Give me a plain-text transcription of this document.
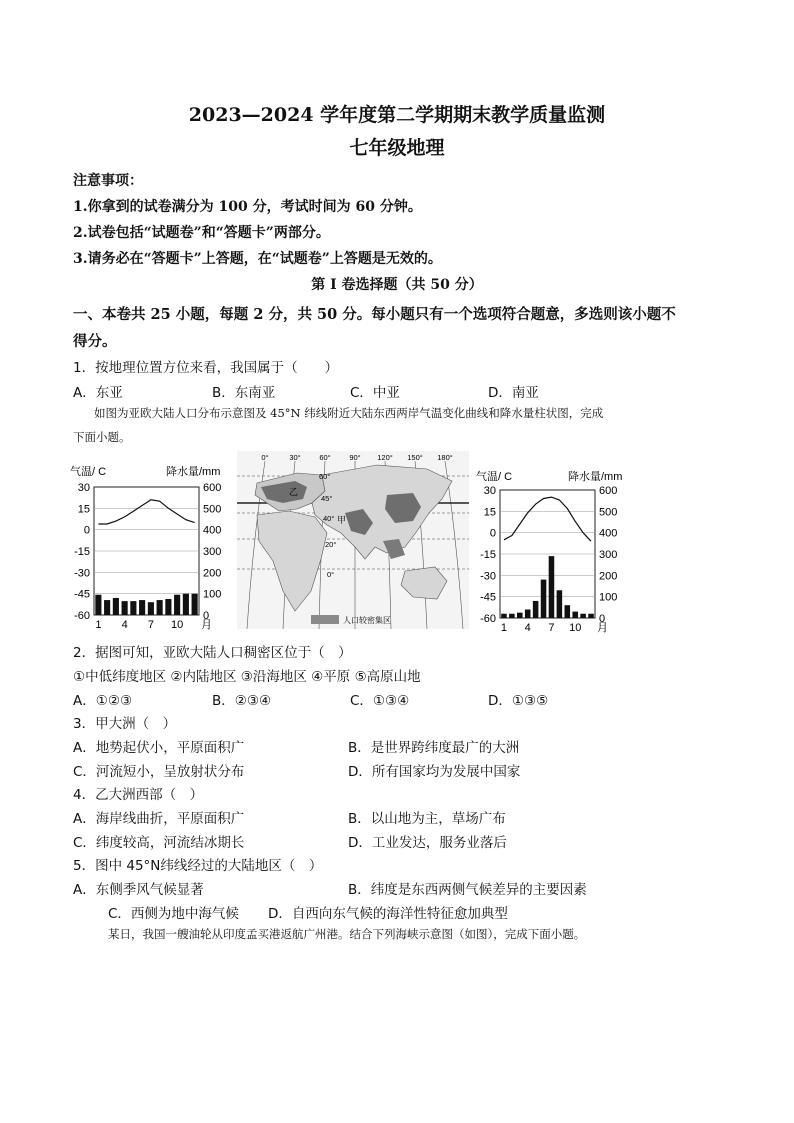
2023—2024 学年度第二学期期末教学质量监测
七年级地理
注意事项：
1.你拿到的试卷满分为 100 分，考试时间为 60 分钟。
2.试卷包括“试题卷”和“答题卡”两部分。
3.请务必在“答题卡”上答题，在“试题卷”上答题是无效的。
第 I 卷选择题（共 50 分）
一、本卷共 25 小题，每题 2 分，共 50 分。每小题只有一个选项符合题意，多选则该小题不
得分。
1．按地理位置方位来看，我国属于（　　）
A．东亚	B．东南亚	C．中亚	D．南亚
如图为亚欧大陆人口分布示意图及 45°N 纬线附近大陆东西两岸气温变化曲线和降水量柱状图，完成
下面小题。
气温/ C	降水量/mm
30
15
0
-15
-30
-45
-60
600
500
400
300
200
100
0
1 4 7 10 月
甲
乙
0°	30° 60° 90° 120° 150° 180°
60°
45°
40°
20°
0°
人口较密集区
气温/ C	降水量/mm
30
15
0
-15
-30
-45
-60
600
500
400
300
200
100
0
1 4 7 10 月
2．据图可知，亚欧大陆人口稠密区位于（　）
①中低纬度地区 ②内陆地区 ③沿海地区 ④平原 ⑤高原山地
A．①②③	B．②③④	C．①③④	D．①③⑤
3．甲大洲（　）
A．地势起伏小，平原面积广	B．是世界跨纬度最广的大洲
C．河流短小，呈放射状分布	D．所有国家均为发展中国家
4．乙大洲西部（　）
A．海岸线曲折，平原面积广	B．以山地为主，草场广布
C．纬度较高，河流结冰期长	D．工业发达，服务业落后
5．图中 45°N纬线经过的大陆地区（　）
A．东侧季风气候显著	B．纬度是东西两侧气候差异的主要因素
C．西侧为地中海气候 D．自西向东气候的海洋性特征愈加典型
某日，我国一艘油轮从印度孟买港返航广州港。结合下列海峡示意图（如图），完成下面小题。
